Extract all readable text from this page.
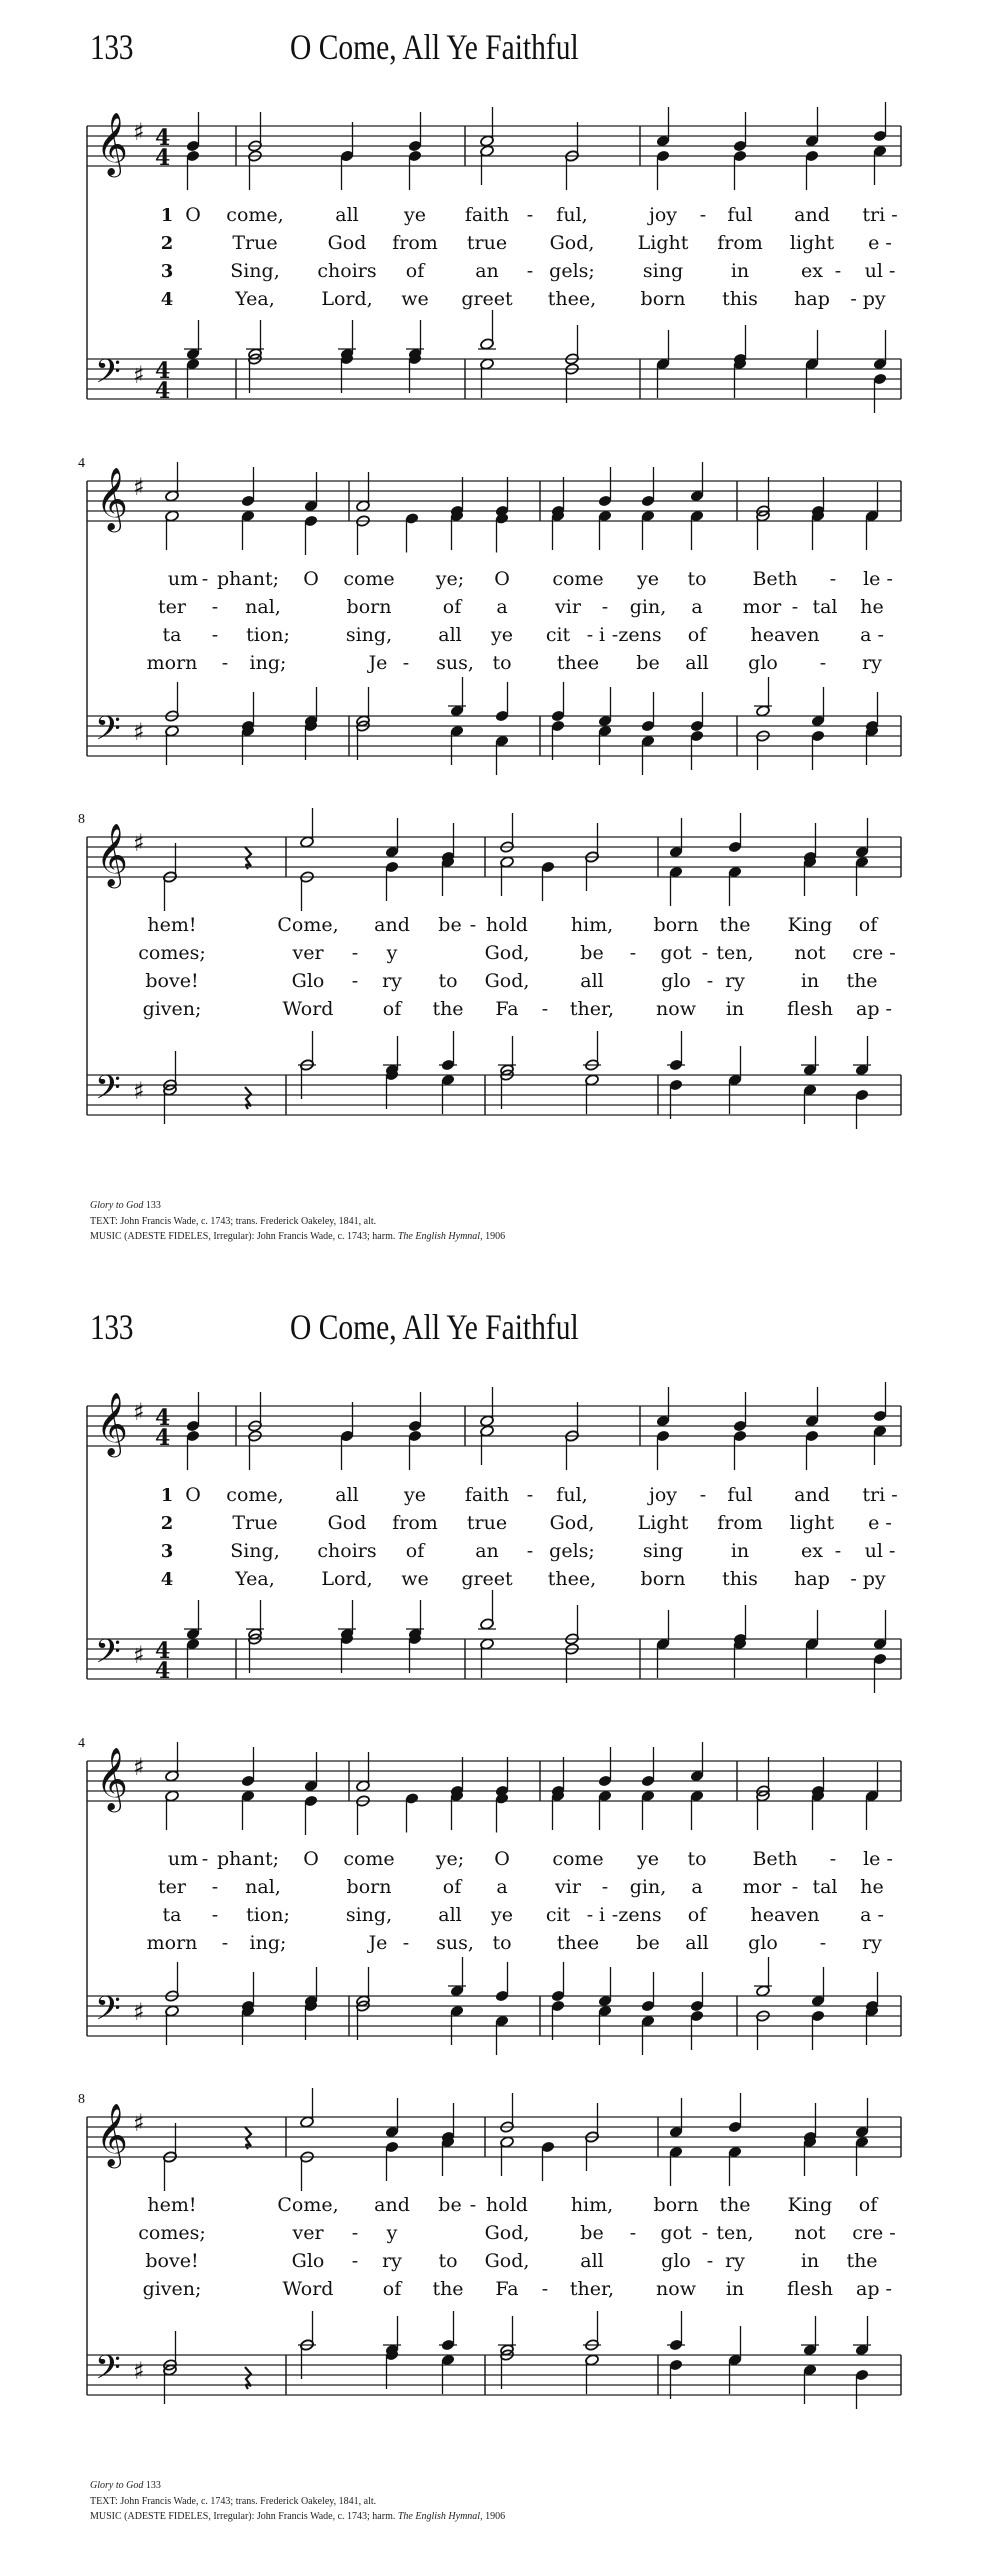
133	O Come, All Ye Faithful
𝄞
𝄢
♯
♯
4
4
4
4
1 O come,	all ye faith - ful,	joy - ful and tri -
2	True	God from true God, Light from light e -
3	Sing, choirs of	an - gels;	sing	in	ex - ul -
4	Yea, Lord, we greet thee, born this hap - py
𝄞
𝄢
♯
♯
4
um - phant; O come ye; O come ye to Beth - le -
ter - nal,	born	of a vir - gin, a mor - tal he
ta - tion;	sing, all ye cit - i - zens of heaven a -
morn - ing;	Je - sus, to thee be all glo - ry
𝄞
𝄢
♯
♯
8
hem!	Come, and be - hold him, born the King of
comes;	ver - y	God,	be - got - ten, not cre -
bove!	Glo - ry to God,	all	glo - ry	in the
given;	Word	of the Fa - ther, now in flesh ap -
Glory to God 133
TEXT: John Francis Wade, c. 1743; trans. Frederick Oakeley, 1841, alt.
MUSIC (ADESTE FIDELES, Irregular): John Francis Wade, c. 1743; harm. The English Hymnal, 1906
133	O Come, All Ye Faithful
𝄞
𝄢
♯
♯
4
4
4
4
1 O come,	all ye faith - ful,	joy - ful and tri -
2	True	God from true God, Light from light e -
3	Sing, choirs of	an - gels;	sing	in	ex - ul -
4	Yea, Lord, we greet thee, born this hap - py
𝄞
𝄢
♯
♯
4
um - phant; O come ye; O come ye to Beth - le -
ter - nal,	born	of a vir - gin, a mor - tal he
ta - tion;	sing, all ye cit - i - zens of heaven a -
morn - ing;	Je - sus, to thee be all glo - ry
𝄞
𝄢
♯
♯
8
hem!	Come, and be - hold him, born the King of
comes;	ver - y	God,	be - got - ten, not cre -
bove!	Glo - ry to God,	all	glo - ry	in the
given;	Word	of the Fa - ther, now in flesh ap -
Glory to God 133
TEXT: John Francis Wade, c. 1743; trans. Frederick Oakeley, 1841, alt.
MUSIC (ADESTE FIDELES, Irregular): John Francis Wade, c. 1743; harm. The English Hymnal, 1906
